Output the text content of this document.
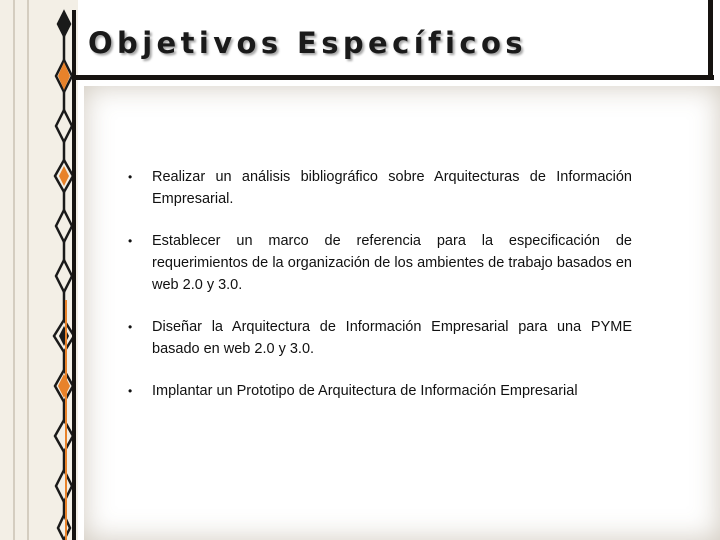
Objetivos Específicos
• Realizar un análisis bibliográfico sobre Arquitecturas de Información Empresarial.
• Establecer un marco de referencia para la especificación de requerimientos de la organización de los ambientes de trabajo basados en web 2.0 y 3.0.
• Diseñar la Arquitectura de Información Empresarial para una PYME basado en web 2.0 y 3.0.
• Implantar un Prototipo de Arquitectura de Información Empresarial
